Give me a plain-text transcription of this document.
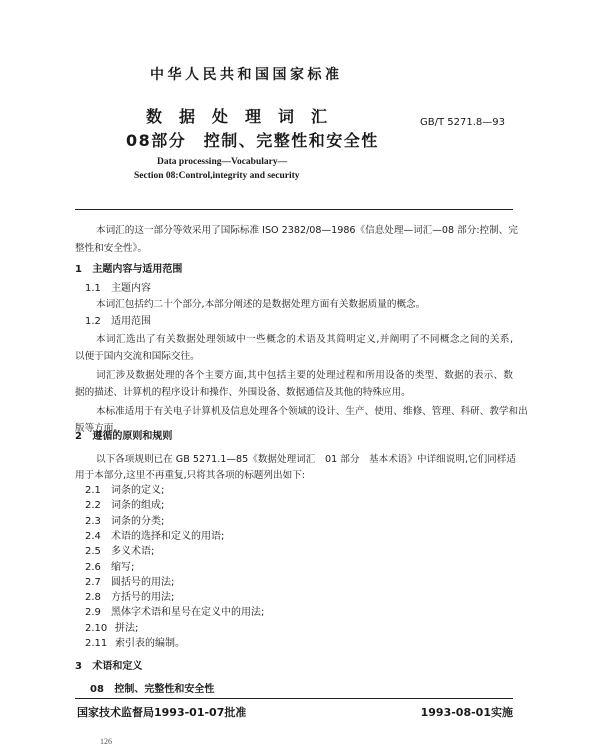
中华人民共和国国家标准
数据处理词汇
08部分　控制、完整性和安全性
GB/T 5271.8—93
Data processing—Vocabulary—
Section 08:Control,integrity and security
本词汇的这一部分等效采用了国际标准 ISO 2382/08—1986《信息处理—词汇—08 部分:控制、完
整性和安全性》。
1 主题内容与适用范围
1.1 主题内容
本词汇包括约二十个部分,本部分阐述的是数据处理方面有关数据质量的概念。
1.2 适用范围
本词汇选出了有关数据处理领域中一些概念的术语及其简明定义,并阐明了不同概念之间的关系,
以便于国内交流和国际交往。
词汇涉及数据处理的各个主要方面,其中包括主要的处理过程和所用设备的类型、数据的表示、数
据的描述、计算机的程序设计和操作、外围设备、数据通信及其他的特殊应用。
本标准适用于有关电子计算机及信息处理各个领域的设计、生产、使用、维修、管理、科研、教学和出
版等方面。
2 遵循的原则和规则
以下各项规则已在 GB 5271.1—85《数据处理词汇　01 部分　基本术语》中详细说明,它们同样适
用于本部分,这里不再重复,只将其各项的标题列出如下:
2.1 词条的定义;
2.2 词条的组成;
2.3 词条的分类;
2.4 术语的选择和定义的用语;
2.5 多义术语;
2.6 缩写;
2.7 圆括号的用法;
2.8 方括号的用法;
2.9 黑体字术语和星号在定义中的用法;
2.10 拼法;
2.11 索引表的编制。
3 术语和定义
08 控制、完整性和安全性
国家技术监督局1993-01-07批准	1993-08-01实施
126
